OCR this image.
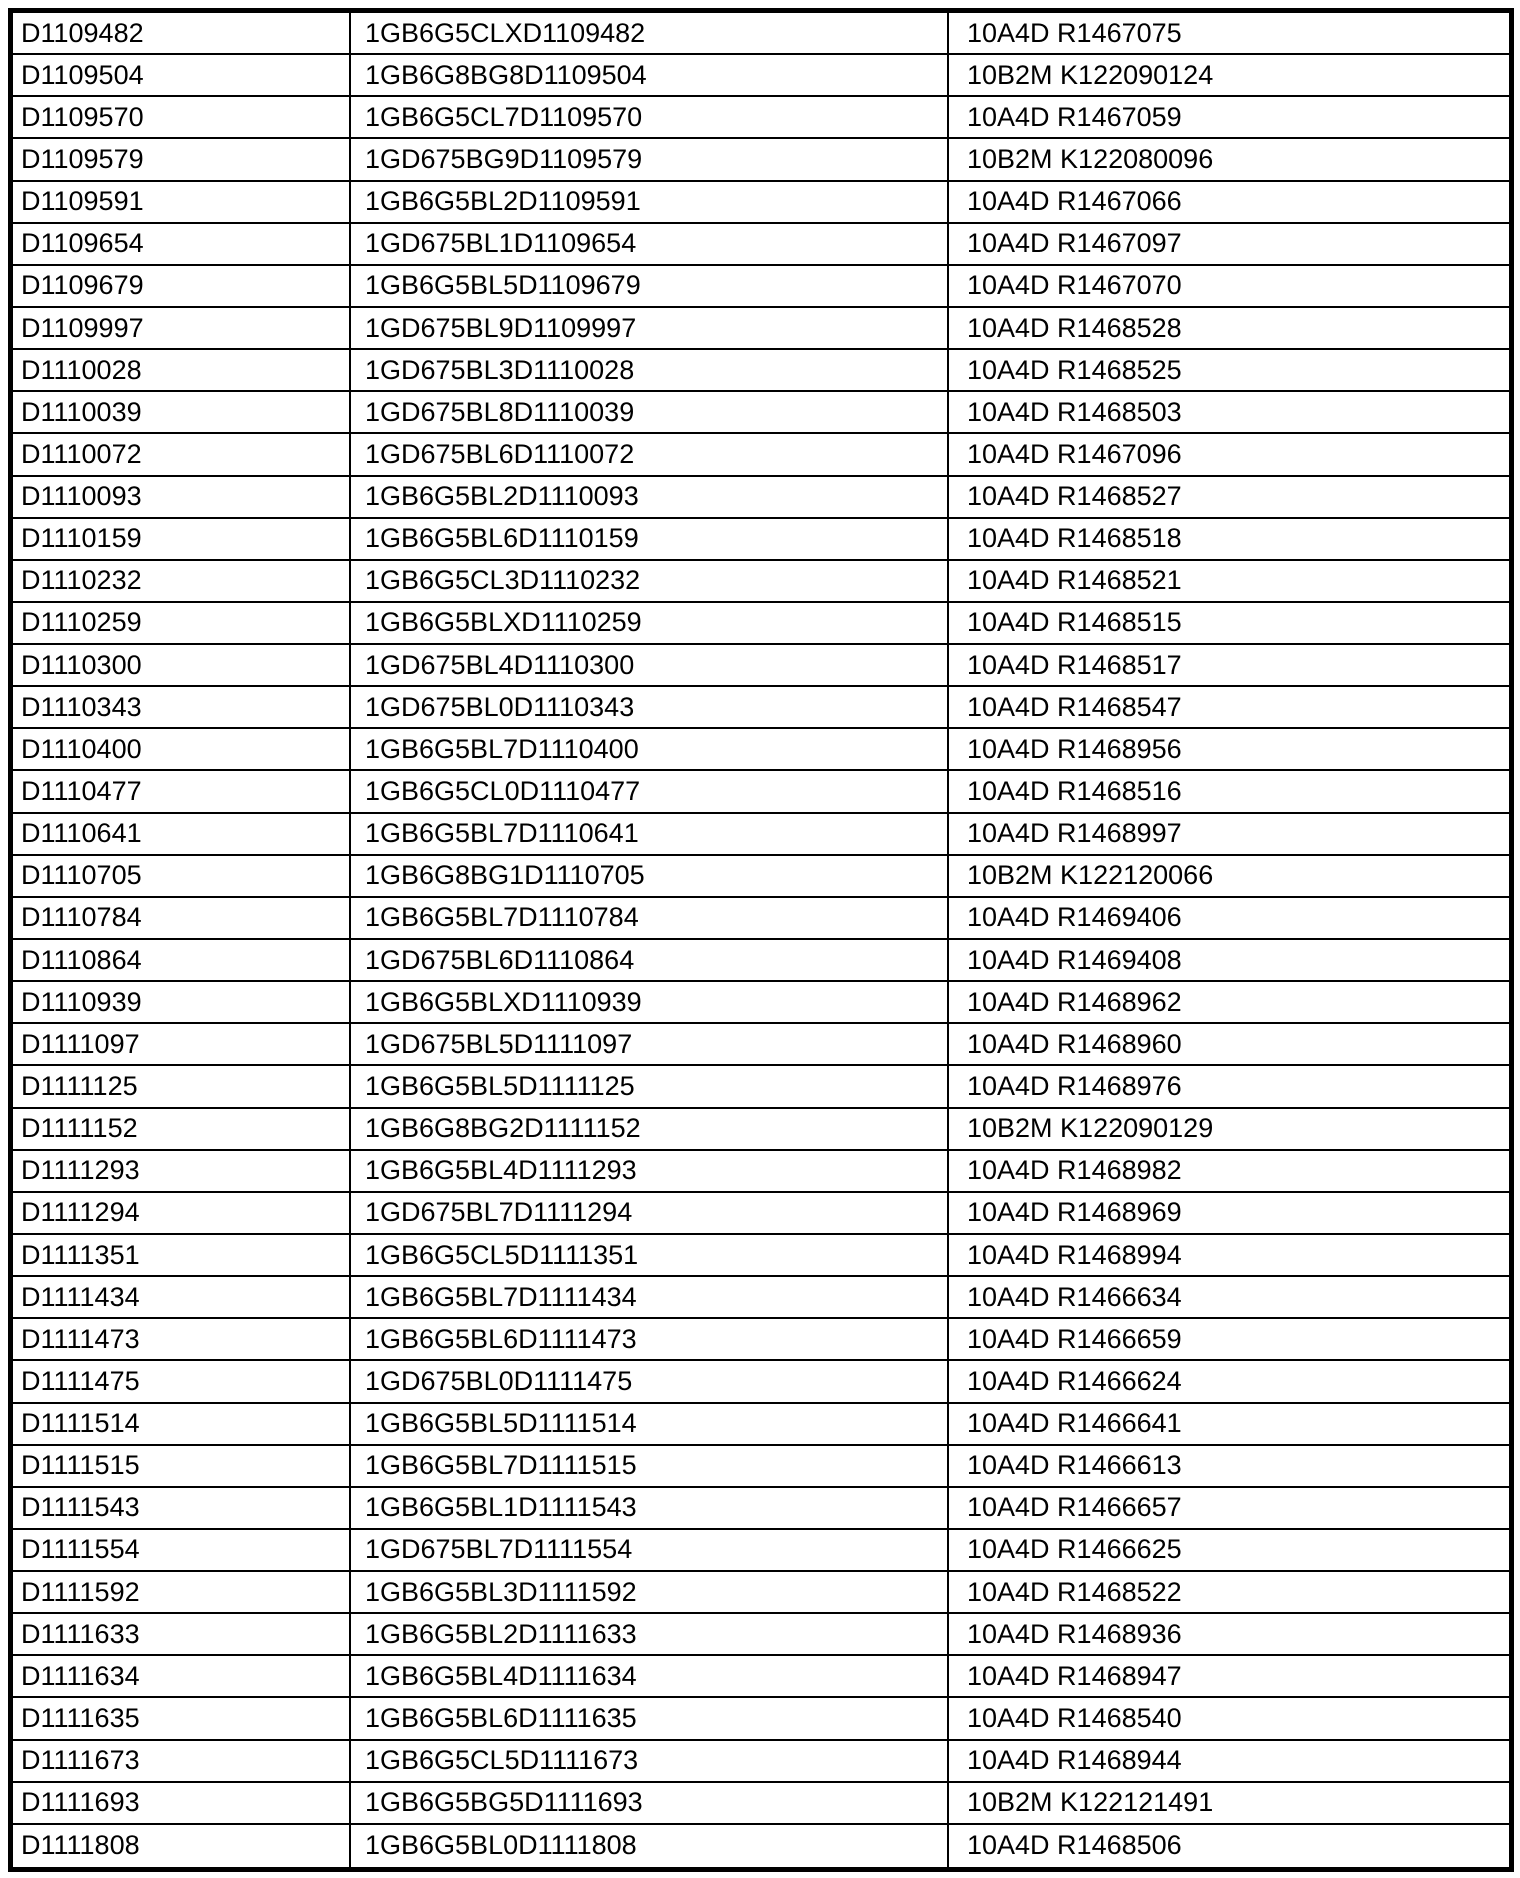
D1109482	1GB6G5CLXD1109482	10A4D R1467075
D1109504	1GB6G8BG8D1109504	10B2M K122090124
D1109570	1GB6G5CL7D1109570	10A4D R1467059
D1109579	1GD675BG9D1109579	10B2M K122080096
D1109591	1GB6G5BL2D1109591	10A4D R1467066
D1109654	1GD675BL1D1109654	10A4D R1467097
D1109679	1GB6G5BL5D1109679	10A4D R1467070
D1109997	1GD675BL9D1109997	10A4D R1468528
D1110028	1GD675BL3D1110028	10A4D R1468525
D1110039	1GD675BL8D1110039	10A4D R1468503
D1110072	1GD675BL6D1110072	10A4D R1467096
D1110093	1GB6G5BL2D1110093	10A4D R1468527
D1110159	1GB6G5BL6D1110159	10A4D R1468518
D1110232	1GB6G5CL3D1110232	10A4D R1468521
D1110259	1GB6G5BLXD1110259	10A4D R1468515
D1110300	1GD675BL4D1110300	10A4D R1468517
D1110343	1GD675BL0D1110343	10A4D R1468547
D1110400	1GB6G5BL7D1110400	10A4D R1468956
D1110477	1GB6G5CL0D1110477	10A4D R1468516
D1110641	1GB6G5BL7D1110641	10A4D R1468997
D1110705	1GB6G8BG1D1110705	10B2M K122120066
D1110784	1GB6G5BL7D1110784	10A4D R1469406
D1110864	1GD675BL6D1110864	10A4D R1469408
D1110939	1GB6G5BLXD1110939	10A4D R1468962
D1111097	1GD675BL5D1111097	10A4D R1468960
D1111125	1GB6G5BL5D1111125	10A4D R1468976
D1111152	1GB6G8BG2D1111152	10B2M K122090129
D1111293	1GB6G5BL4D1111293	10A4D R1468982
D1111294	1GD675BL7D1111294	10A4D R1468969
D1111351	1GB6G5CL5D1111351	10A4D R1468994
D1111434	1GB6G5BL7D1111434	10A4D R1466634
D1111473	1GB6G5BL6D1111473	10A4D R1466659
D1111475	1GD675BL0D1111475	10A4D R1466624
D1111514	1GB6G5BL5D1111514	10A4D R1466641
D1111515	1GB6G5BL7D1111515	10A4D R1466613
D1111543	1GB6G5BL1D1111543	10A4D R1466657
D1111554	1GD675BL7D1111554	10A4D R1466625
D1111592	1GB6G5BL3D1111592	10A4D R1468522
D1111633	1GB6G5BL2D1111633	10A4D R1468936
D1111634	1GB6G5BL4D1111634	10A4D R1468947
D1111635	1GB6G5BL6D1111635	10A4D R1468540
D1111673	1GB6G5CL5D1111673	10A4D R1468944
D1111693	1GB6G5BG5D1111693	10B2M K122121491
D1111808	1GB6G5BL0D1111808	10A4D R1468506
